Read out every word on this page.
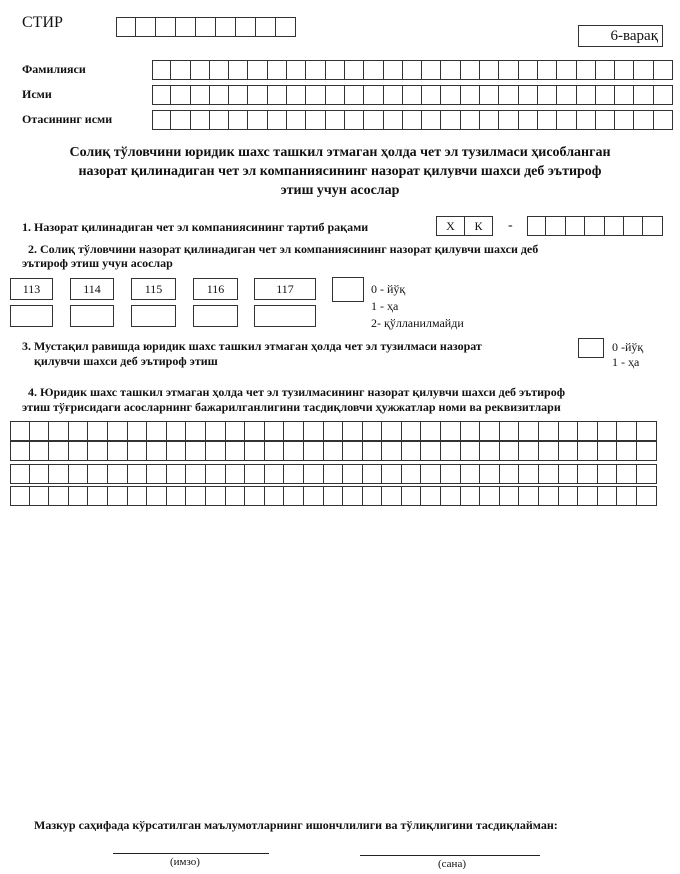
СТИР
6-варақ
Фамилияси
Исми
Отасининг исми
Солиқ тўловчини юридик шахс ташкил этмаган ҳолда чет эл тузилмаси ҳисобланган
назорат қилинадиган чет эл компаниясининг назорат қилувчи шахси деб эътироф
этиш учун асослар
1. Назорат қилинадиган чет эл компаниясининг тартиб рақами	Х К -
2. Солиқ тўловчини назорат қилинадиган чет эл компаниясининг назорат қилувчи шахси деб
эътироф этиш учун асослар
113	114	115	116	117	0 - йўқ
1 - ҳа
2- қўлланилмайди
3. Мустақил равишда юридик шахс ташкил этмаган ҳолда чет эл тузилмаси назорат
қилувчи шахси деб эътироф этиш
0 -йўқ
1 - ҳа
4. Юридик шахс ташкил этмаган ҳолда чет эл тузилмасининг назорат қилувчи шахси деб эътироф
этиш тўғрисидаги асосларнинг бажарилганлигини тасдиқловчи ҳужжатлар номи ва реквизитлари
Мазкур саҳифада кўрсатилган маълумотларнинг ишончлилиги ва тўлиқлигини тасдиқлайман:
(имзо)	(сана)
